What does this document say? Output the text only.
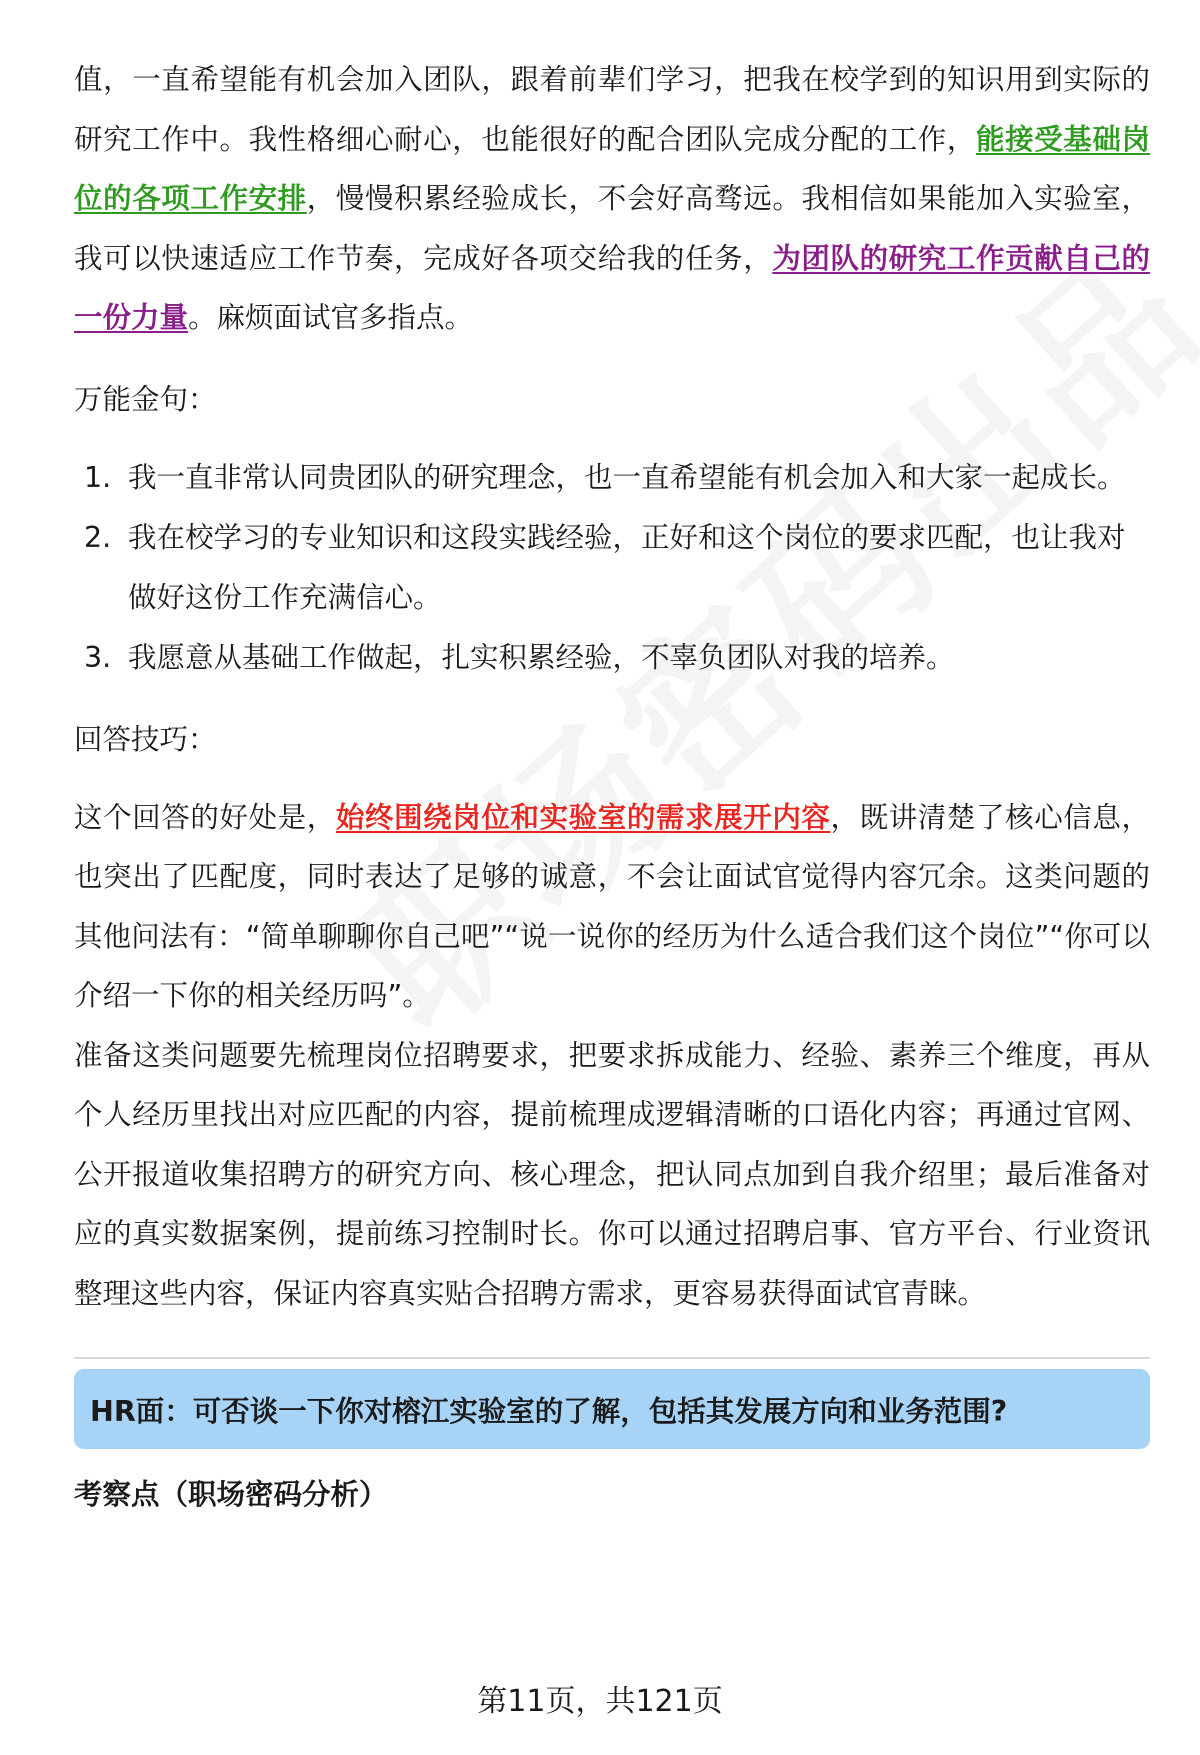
值，一直希望能有机会加入团队，跟着前辈们学习，把我在校学到的知识用到实际的研究工作中。我性格细心耐心，也能很好的配合团队完成分配的工作，能接受基础岗位的各项工作安排，慢慢积累经验成长，不会好高骛远。我相信如果能加入实验室，我可以快速适应工作节奏，完成好各项交给我的任务，为团队的研究工作贡献自己的一份力量。麻烦面试官多指点。

万能金句：
1. 我一直非常认同贵团队的研究理念，也一直希望能有机会加入和大家一起成长。
2. 我在校学习的专业知识和这段实践经验，正好和这个岗位的要求匹配，也让我对做好这份工作充满信心。
3. 我愿意从基础工作做起，扎实积累经验，不辜负团队对我的培养。
回答技巧：

这个回答的好处是，始终围绕岗位和实验室的需求展开内容，既讲清楚了核心信息，也突出了匹配度，同时表达了足够的诚意，不会让面试官觉得内容冗余。这类问题的其他问法有：“简单聊聊你自己吧”“说一说你的经历为什么适合我们这个岗位”“你可以介绍一下你的相关经历吗”。

准备这类问题要先梳理岗位招聘要求，把要求拆成能力、经验、素养三个维度，再从个人经历里找出对应匹配的内容，提前梳理成逻辑清晰的口语化内容；再通过官网、公开报道收集招聘方的研究方向、核心理念，把认同点加到自我介绍里；最后准备对应的真实数据案例，提前练习控制时长。你可以通过招聘启事、官方平台、行业资讯整理这些内容，保证内容真实贴合招聘方需求，更容易获得面试官青睐。

HR面：可否谈一下你对榕江实验室的了解，包括其发展方向和业务范围?
考察点（职场密码分析）
第11页，共121页
